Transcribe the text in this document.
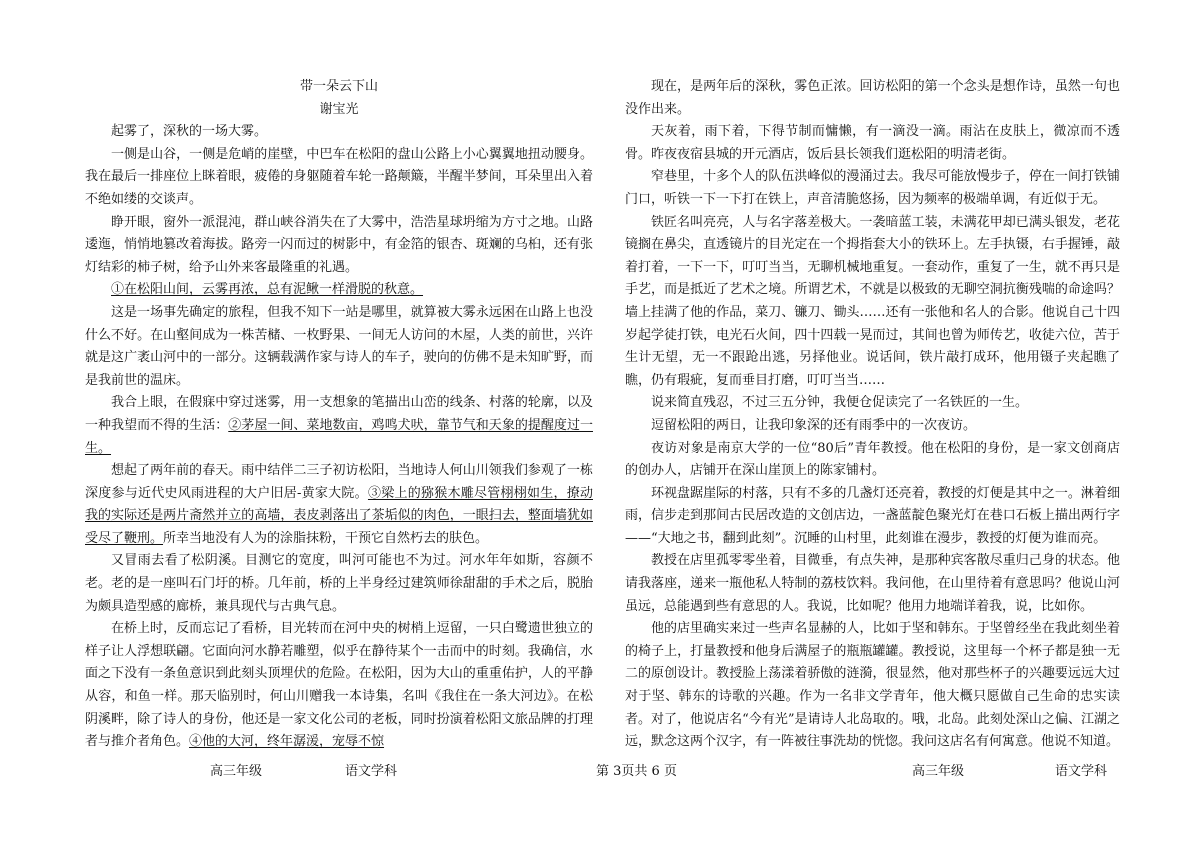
带一朵云下山
谢宝光

起雾了，深秋的一场大雾。

一侧是山谷，一侧是危峭的崖壁，中巴车在松阳的盘山公路上小心翼翼地扭动腰身。我在最后一排座位上眯着眼，疲倦的身躯随着车轮一路颠簸，半醒半梦间，耳朵里出入着不绝如缕的交谈声。

睁开眼，窗外一派混沌，群山峡谷消失在了大雾中，浩浩星球坍缩为方寸之地。山路逶迤，悄悄地篡改着海拔。路旁一闪而过的树影中，有金箔的银杏、斑斓的乌桕，还有张灯结彩的柿子树，给予山外来客最隆重的礼遇。

①在松阳山间，云雾再浓，总有泥鳅一样滑脱的秋意。

这是一场事先确定的旅程，但我不知下一站是哪里，就算被大雾永远困在山路上也没什么不好。在山壑间成为一株苦槠、一枚野果、一间无人访问的木屋，人类的前世，兴许就是这广袤山河中的一部分。这辆载满作家与诗人的车子，驶向的仿佛不是未知旷野，而是我前世的温床。

我合上眼，在假寐中穿过迷雾，用一支想象的笔描出山峦的线条、村落的轮廓，以及一种我望而不得的生活：②茅屋一间、菜地数亩，鸡鸣犬吠，靠节气和天象的提醒度过一生。

想起了两年前的春天。雨中结伴二三子初访松阳，当地诗人何山川领我们参观了一栋深度参与近代史风雨进程的大户旧居-黄家大院。③梁上的猕猴木雕尽管栩栩如生，撩动我的实际还是两片斋然并立的高墙，表皮剥落出了茶垢似的肉色，一眼扫去，整面墙犹如受尽了鞭刑。所幸当地没有人为的涂脂抹粉，干预它自然朽去的肤色。

又冒雨去看了松阴溪。目测它的宽度，叫河可能也不为过。河水年年如斯，容颜不老。老的是一座叫石门圩的桥。几年前，桥的上半身经过建筑师徐甜甜的手术之后，脱胎为颇具造型感的廊桥，兼具现代与古典气息。

在桥上时，反而忘记了看桥，目光转而在河中央的树梢上逗留，一只白鹭遗世独立的样子让人浮想联翩。它面向河水静若雕塑，似乎在静待某个一击而中的时刻。我确信，水面之下没有一条鱼意识到此刻头顶埋伏的危险。在松阳，因为大山的重重佑护，人的平静从容，和鱼一样。那天临别时，何山川赠我一本诗集，名叫《我住在一条大河边》。在松阴溪畔，除了诗人的身份，他还是一家文化公司的老板，同时扮演着松阳文旅品牌的打理者与推介者角色。④他的大河，终年潺湲，宠辱不惊

现在，是两年后的深秋，雾色正浓。回访松阳的第一个念头是想作诗，虽然一句也没作出来。

天灰着，雨下着，下得节制而慵懒，有一滴没一滴。雨沾在皮肤上，微凉而不透骨。昨夜夜宿县城的开元酒店，饭后县长领我们逛松阳的明清老街。

窄巷里，十多个人的队伍洪峰似的漫涌过去。我尽可能放慢步子，停在一间打铁铺门口，听铁一下一下打在铁上，声音清脆悠扬，因为频率的极端单调，有近似于无。

铁匠名叫亮亮，人与名字落差极大。一袭暗蓝工装，未满花甲却已满头银发，老花镜搁在鼻尖，直透镜片的目光定在一个拇指套大小的铁环上。左手执镊，右手握锤，敲着打着，一下一下，叮叮当当，无聊机械地重复。一套动作，重复了一生，就不再只是手艺，而是抵近了艺术之境。所谓艺术，不就是以极致的无聊空洞抗衡残喘的命途吗？墙上挂满了他的作品，菜刀、镰刀、锄头……还有一张他和名人的合影。他说自己十四岁起学徒打铁，电光石火间，四十四载一晃而过，其间也曾为师传艺，收徒六位，苦于生计无望，无一不跟跄出逃，另择他业。说话间，铁片敲打成环，他用镊子夹起瞧了瞧，仍有瑕疵，复而垂目打磨，叮叮当当……

说来简直残忍，不过三五分钟，我便仓促读完了一名铁匠的一生。

逗留松阳的两日，让我印象深的还有雨季中的一次夜访。

夜访对象是南京大学的一位“80后”青年教授。他在松阳的身份，是一家文创商店的创办人，店铺开在深山崖顶上的陈家铺村。

环视盘踞崖际的村落，只有不多的几盏灯还亮着，教授的灯便是其中之一。淋着细雨，信步走到那间古民居改造的文创店边，一盏蓝靛色聚光灯在巷口石板上描出两行字——“大地之书，翻到此刻”。沉睡的山村里，此刻谁在漫步，教授的灯便为谁而亮。

教授在店里孤零零坐着，目微垂，有点失神，是那种宾客散尽重归己身的状态。他请我落座，递来一瓶他私人特制的荔枝饮料。我问他，在山里待着有意思吗？他说山河虽远，总能遇到些有意思的人。我说，比如呢？他用力地端详着我，说，比如你。

他的店里确实来过一些声名显赫的人，比如于坚和韩东。于坚曾经坐在我此刻坐着的椅子上，打量教授和他身后满屋子的瓶瓶罐罐。教授说，这里每一个杯子都是独一无二的原创设计。教授脸上荡漾着骄傲的涟漪，很显然，他对那些杯子的兴趣要远远大过对于坚、韩东的诗歌的兴趣。作为一名非文学青年，他大概只愿做自己生命的忠实读者。对了，他说店名“今有光”是请诗人北岛取的。哦，北岛。此刻处深山之偏、江湖之远，默念这两个汉字，有一阵被往事洗劫的恍惚。我问这店名有何寓意。他说不知道。

高三年级	语文学科	第 3页共 6 页	高三年级	语文学科
